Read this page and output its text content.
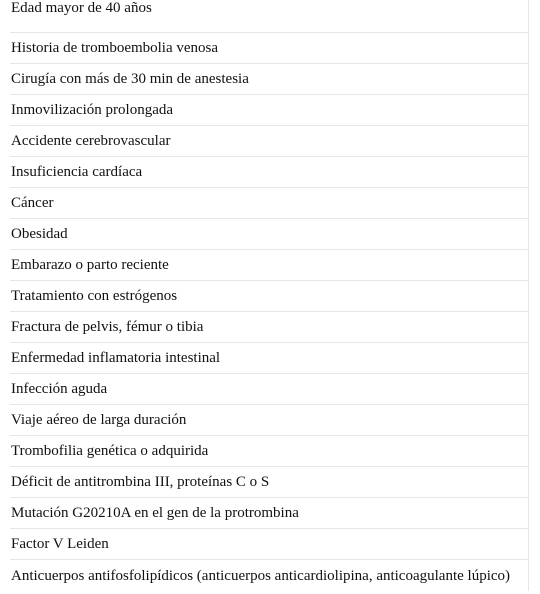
Edad mayor de 40 años
Historia de tromboembolia venosa
Cirugía con más de 30 min de anestesia
Inmovilización prolongada
Accidente cerebrovascular
Insuficiencia cardíaca
Cáncer
Obesidad
Embarazo o parto reciente
Tratamiento con estrógenos
Fractura de pelvis, fémur o tibia
Enfermedad inflamatoria intestinal
Infección aguda
Viaje aéreo de larga duración
Trombofilia genética o adquirida
Déficit de antitrombina III, proteínas C o S
Mutación G20210A en el gen de la protrombina
Factor V Leiden
Anticuerpos antifosfolipídicos (anticuerpos anticardiolipina, anticoagulante lúpico)
